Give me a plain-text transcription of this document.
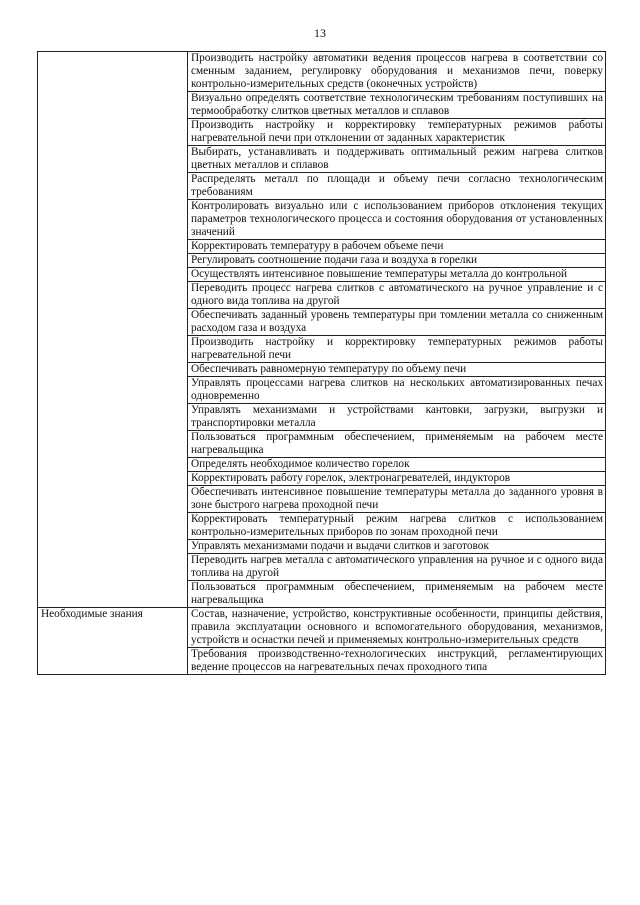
13
	Производить настройку автоматики ведения процессов нагрева в соответствии со сменным заданием, регулировку оборудования и механизмов печи, поверку контрольно-измерительных средств (оконечных устройств)
	Визуально определять соответствие технологическим требованиям поступивших на термообработку слитков цветных металлов и сплавов
	Производить настройку и корректировку температурных режимов работы нагревательной печи при отклонении от заданных характеристик
	Выбирать, устанавливать и поддерживать оптимальный режим нагрева слитков цветных металлов и сплавов
	Распределять металл по площади и объему печи согласно технологическим требованиям
	Контролировать визуально или с использованием приборов отклонения текущих параметров технологического процесса и состояния оборудования от установленных значений
	Корректировать температуру в рабочем объеме печи
	Регулировать соотношение подачи газа и воздуха в горелки
	Осуществлять интенсивное повышение температуры металла до контрольной
	Переводить процесс нагрева слитков с автоматического на ручное управление и с одного вида топлива на другой
	Обеспечивать заданный уровень температуры при томлении металла со сниженным расходом газа и воздуха
	Производить настройку и корректировку температурных режимов работы нагревательной печи
	Обеспечивать равномерную температуру по объему печи
	Управлять процессами нагрева слитков на нескольких автоматизированных печах одновременно
	Управлять механизмами и устройствами кантовки, загрузки, выгрузки и транспортировки металла
	Пользоваться программным обеспечением, применяемым на рабочем месте нагревальщика
	Определять необходимое количество горелок
	Корректировать работу горелок, электронагревателей, индукторов
	Обеспечивать интенсивное повышение температуры металла до заданного уровня в зоне быстрого нагрева проходной печи
	Корректировать температурный режим нагрева слитков с использованием контрольно-измерительных приборов по зонам проходной печи
	Управлять механизмами подачи и выдачи слитков и заготовок
	Переводить нагрев металла с автоматического управления на ручное и с одного вида топлива на другой
	Пользоваться программным обеспечением, применяемым на рабочем месте нагревальщика
Необходимые знания	Состав, назначение, устройство, конструктивные особенности, принципы действия, правила эксплуатации основного и вспомогательного оборудования, механизмов, устройств и оснастки печей и применяемых контрольно-измерительных средств
	Требования производственно-технологических инструкций, регламентирующих ведение процессов на нагревательных печах проходного типа
